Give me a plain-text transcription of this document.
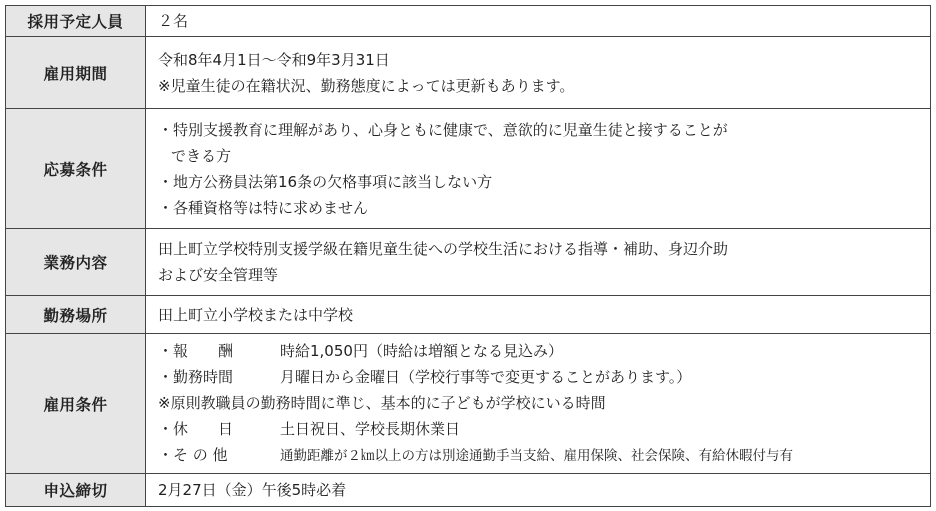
採用予定人員	２名

雇用期間	令和8年4月1日～令和9年3月31日
※児童生徒の在籍状況、勤務態度によっては更新もあります。

応募条件	・特別支援教育に理解があり、心身ともに健康で、意欲的に児童生徒と接することが
できる方
・地方公務員法第16条の欠格事項に該当しない方
・各種資格等は特に求めません

業務内容	田上町立学校特別支援学級在籍児童生徒への学校生活における指導・補助、身辺介助
および安全管理等

勤務場所	田上町立小学校または中学校

雇用条件	・報　　酬 時給1,050円（時給は増額となる見込み）
・勤務時間 月曜日から金曜日（学校行事等で変更することがあります。）
※原則教職員の勤務時間に準じ、基本的に子どもが学校にいる時間
・休　　日 土日祝日、学校長期休業日
・そ の 他 通勤距離が２㎞以上の方は別途通勤手当支給、雇用保険、社会保険、有給休暇付与有

申込締切	2月27日（金）午後5時必着
